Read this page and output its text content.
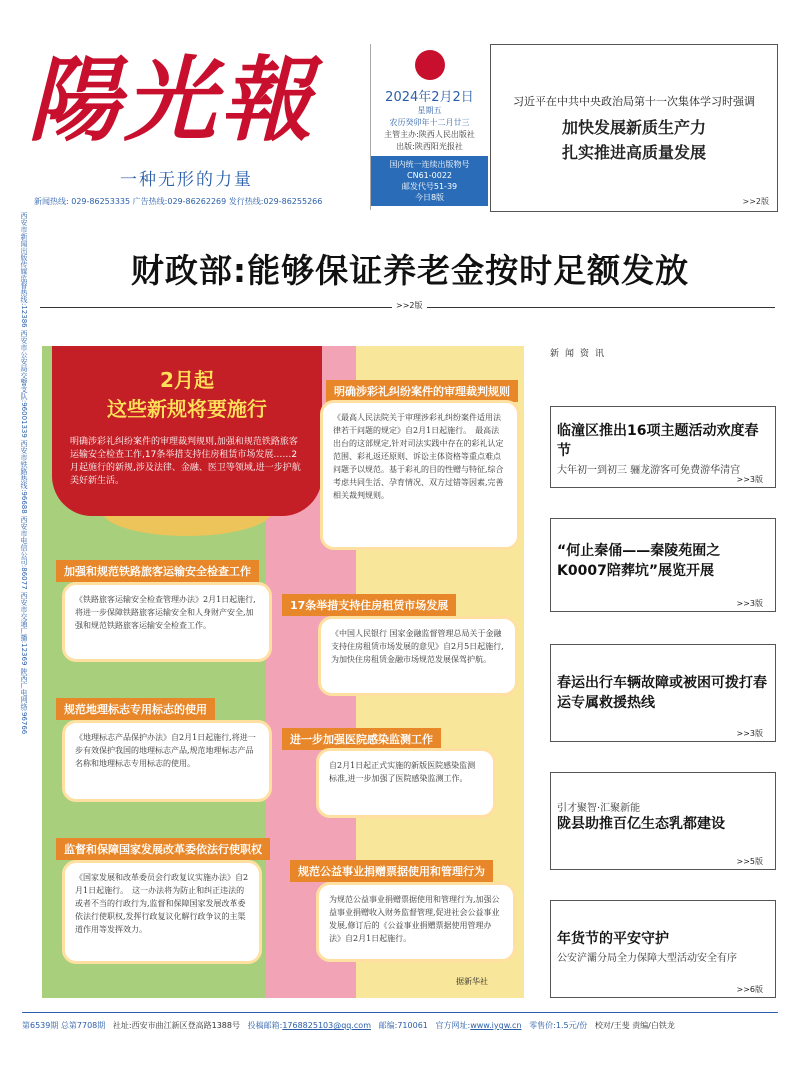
陽光報
一种无形的力量
2024年2月2日
星期五
农历癸卯年十二月廿三
主管主办:陕西人民出版社
出版:陕西阳光报社
国内统一连续出版物号
CN61-0022
邮发代号51-39
今日8版
新闻热线: 029-86253335 广告热线:029-86262269 发行热线:029-86255266
习近平在中共中央政治局第十一次集体学习时强调
加快发展新质生产力
扎实推进高质量发展
>>2版
西安市新闻出版传媒监督热线:12386 西安市公安局交警支队:96001339 西安市铁路热线:96688 西安市电信公司:86077 西安市交通广播:12369 陕西广电网络:96766	财政部:能够保证养老金按时足额发放
>>2版
2月起
这些新规将要施行
明确涉彩礼纠纷案件的审理裁判规则,加强和规范铁路旅客运输安全检查工作,17条举措支持住房租赁市场发展……2月起施行的新规,涉及法律、金融、医卫等领域,进一步护航美好新生活。
明确涉彩礼纠纷案件的审理裁判规则
《最高人民法院关于审理涉彩礼纠纷案件适用法律若干问题的规定》自2月1日起施行。　最高法出台的这部规定,针对司法实践中存在的彩礼认定范围、彩礼返还原则、诉讼主体资格等重点难点问题予以规范。基于彩礼的目的性赠与特征,综合考虑共同生活、孕育情况、双方过错等因素,完善相关裁判规则。
加强和规范铁路旅客运输安全检查工作
《铁路旅客运输安全检查管理办法》2月1日起施行,将进一步保障铁路旅客运输安全和人身财产安全,加强和规范铁路旅客运输安全检查工作。
17条举措支持住房租赁市场发展
《中国人民银行 国家金融监督管理总局关于金融支持住房租赁市场发展的意见》自2月5日起施行,为加快住房租赁金融市场规范发展保驾护航。
规范地理标志专用标志的使用
《地理标志产品保护办法》自2月1日起施行,将进一步有效保护我国的地理标志产品,规范地理标志产品名称和地理标志专用标志的使用。
进一步加强医院感染监测工作
自2月1日起正式实施的新版医院感染监测标准,进一步加强了医院感染监测工作。
监督和保障国家发展改革委依法行使职权
《国家发展和改革委员会行政复议实施办法》自2月1日起施行。　这一办法将为防止和纠正违法的或者不当的行政行为,监督和保障国家发展改革委依法行使职权,发挥行政复议化解行政争议的主渠道作用等发挥效力。
规范公益事业捐赠票据使用和管理行为
为规范公益事业捐赠票据使用和管理行为,加强公益事业捐赠收入财务监督管理,促进社会公益事业发展,修订后的《公益事业捐赠票据使用管理办法》自2月1日起施行。
据新华社
新闻资讯
临潼区推出16项主题活动欢度春节
大年初一到初三 骊龙游客可免费游华清宫
>>3版
“何止秦俑——秦陵苑囿之K0007陪葬坑”展览开展
>>3版
春运出行车辆故障或被困可拨打春运专属救援热线
>>3版
引才聚智·汇聚新能
陇县助推百亿生态乳都建设
>>5版
年货节的平安守护
公安浐灞分局全力保障大型活动安全有序
>>6版
第6539期 总第7708期 社址:西安市曲江新区登高路1388号 投稿邮箱:1768825103@qq.com 邮编:710061 官方网址:www.iygw.cn 零售价:1.5元/份 校对/王斐 责编/白铁龙
